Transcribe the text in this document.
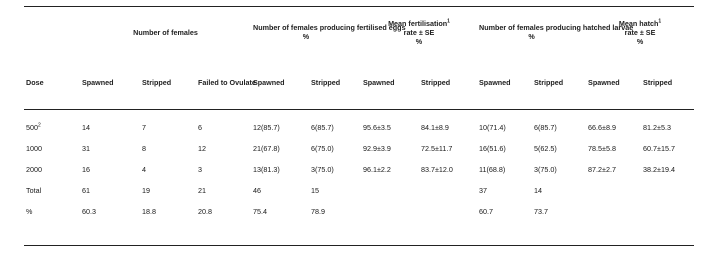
	Number of females			Number of females producing fertilised eggs
%		Mean fertilisation$^1$
rate ± SE
%		Number of females producing hatched larvae
%		Mean hatch$^1$
rate ± SE
%	
Dose	Spawned	Stripped	Failed to Ovulate	Spawned	Stripped	Spawned	Stripped	Spawned	Stripped	Spawned	Stripped

$500^2$	14	7	6	12(85.7)	6(85.7)	95.6±3.5	84.1±8.9	10(71.4)	6(85.7)	66.6±8.9	81.2±5.3
1000	31	8	12	21(67.8)	6(75.0)	92.9±3.9	72.5±11.7	16(51.6)	5(62.5)	78.5±5.8	60.7±15.7
2000	16	4	3	13(81.3)	3(75.0)	96.1±2.2	83.7±12.0	11(68.8)	3(75.0)	87.2±2.7	38.2±19.4
Total	61	19	21	46	15			37	14		
%	60.3	18.8	20.8	75.4	78.9			60.7	73.7		
